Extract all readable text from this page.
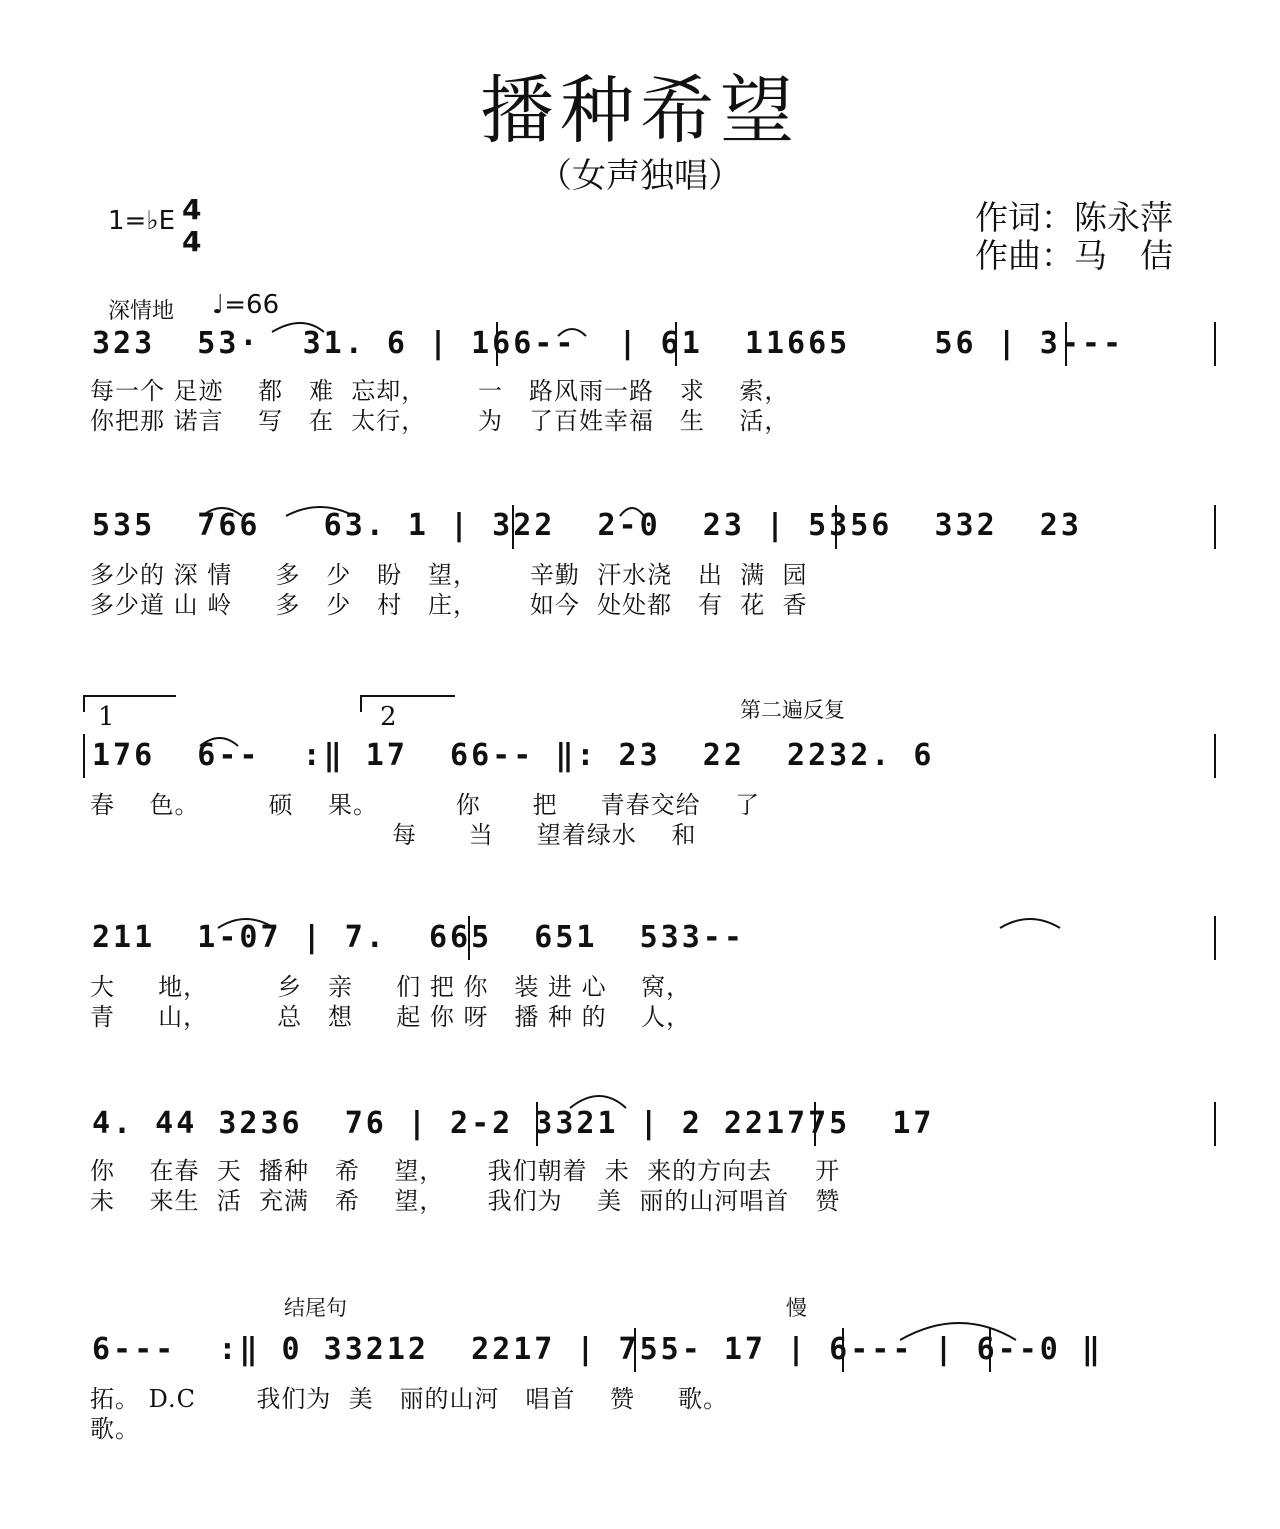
播种希望
（女声独唱）
1=♭E 4
4
作词：陈永萍
作曲：马　佶
深情地 ♩=66
323  53·  31. 6 | 166--  | 61  11665    56 | 3---
每一个 足迹    都   难  忘却，      一   路风雨一路   求    索，
你把那 诺言    写   在  太行，      为   了百姓幸福   生    活，
535  766   63. 1 | 322  2-0  23 | 5356  332  23
多少的 深 情     多   少   盼   望，      辛勤  汗水浇   出  满  园
多少道 山 岭     多   少   村   庄，      如今  处处都   有  花  香
1	2	第二遍反复
176  6--  :‖ 17  66-- ‖: 23  22  2232. 6
春    色。        硕    果。         你      把     青春交给    了
每      当     望着绿水    和
211  1-07 | 7.  665  651  533--
大     地，        乡   亲     们 把 你   装 进 心    窝，
青     山，        总   想     起 你 呀   播 种 的    人，
4. 44 3236  76 | 2-2 3321 | 2 221775  17
你    在春  天  播种   希    望，     我们朝着  未  来的方向去     开
未    来生  活  充满   希    望，     我们为    美  丽的山河唱首   赞
结尾句	慢
6---  :‖ 0 33212  2217 | 755- 17 | 6--- | 6--0 ‖
拓。 D.C       我们为  美   丽的山河   唱首    赞     歌。
歌。
